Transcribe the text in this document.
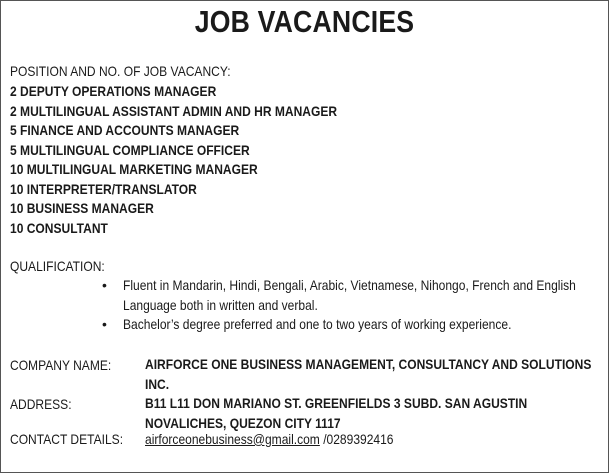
JOB VACANCIES
POSITION AND NO. OF JOB VACANCY:
2 DEPUTY OPERATIONS MANAGER
2 MULTILINGUAL ASSISTANT ADMIN AND HR MANAGER
5 FINANCE AND ACCOUNTS MANAGER
5 MULTILINGUAL COMPLIANCE OFFICER
10 MULTILINGUAL MARKETING MANAGER
10 INTERPRETER/TRANSLATOR
10 BUSINESS MANAGER
10 CONSULTANT
QUALIFICATION:
• Fluent in Mandarin, Hindi, Bengali, Arabic, Vietnamese, Nihongo, French and English Language both in written and verbal.
• Bachelor’s degree preferred and one to two years of working experience.
COMPANY NAME: AIRFORCE ONE BUSINESS MANAGEMENT, CONSULTANCY AND SOLUTIONS INC.
ADDRESS:	B11 L11 DON MARIANO ST. GREENFIELDS 3 SUBD. SAN AGUSTIN NOVALICHES, QUEZON CITY 1117
CONTACT DETAILS: airforceonebusiness@gmail.com /0289392416
